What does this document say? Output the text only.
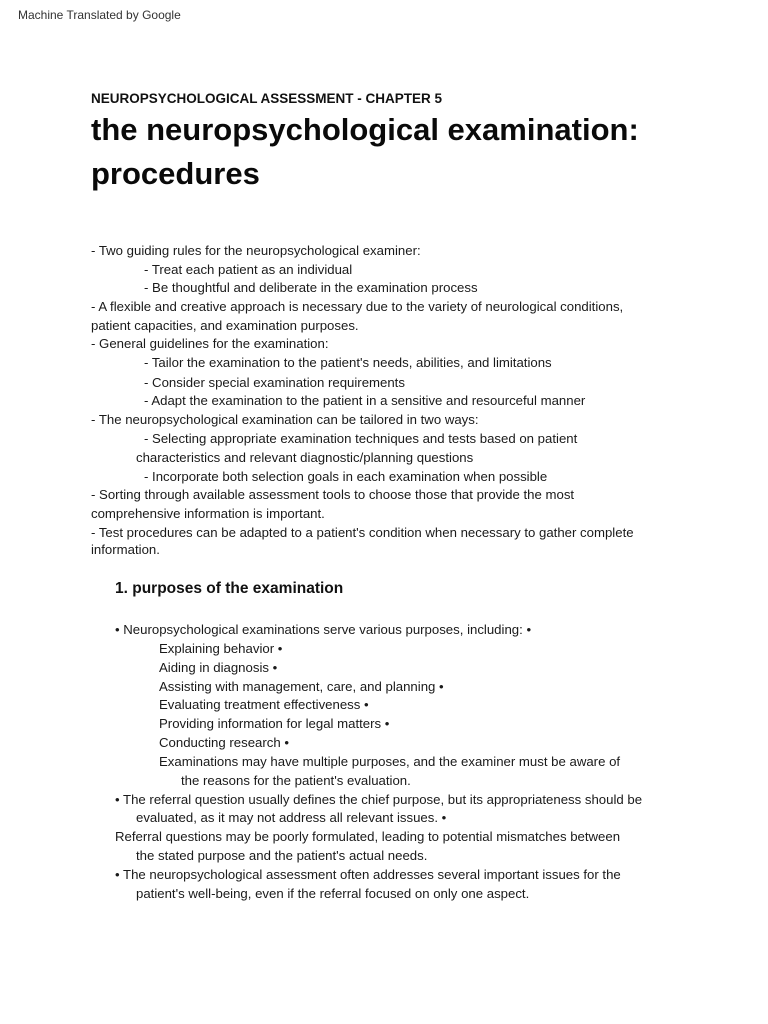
Machine Translated by Google
NEUROPSYCHOLOGICAL ASSESSMENT - CHAPTER 5
the neuropsychological examination:
procedures
- Two guiding rules for the neuropsychological examiner:
- Treat each patient as an individual
- Be thoughtful and deliberate in the examination process
- A flexible and creative approach is necessary due to the variety of neurological conditions,
patient capacities, and examination purposes.
- General guidelines for the examination:
- Tailor the examination to the patient's needs, abilities, and limitations
- Consider special examination requirements
- Adapt the examination to the patient in a sensitive and resourceful manner
- The neuropsychological examination can be tailored in two ways:
- Selecting appropriate examination techniques and tests based on patient
characteristics and relevant diagnostic/planning questions
- Incorporate both selection goals in each examination when possible
- Sorting through available assessment tools to choose those that provide the most
comprehensive information is important.
- Test procedures can be adapted to a patient's condition when necessary to gather complete
information.
1. purposes of the examination
• Neuropsychological examinations serve various purposes, including: •
Explaining behavior •
Aiding in diagnosis •
Assisting with management, care, and planning •
Evaluating treatment effectiveness •
Providing information for legal matters •
Conducting research •
Examinations may have multiple purposes, and the examiner must be aware of
the reasons for the patient's evaluation.
• The referral question usually defines the chief purpose, but its appropriateness should be
evaluated, as it may not address all relevant issues. •
Referral questions may be poorly formulated, leading to potential mismatches between
the stated purpose and the patient's actual needs.
• The neuropsychological assessment often addresses several important issues for the
patient's well-being, even if the referral focused on only one aspect.
